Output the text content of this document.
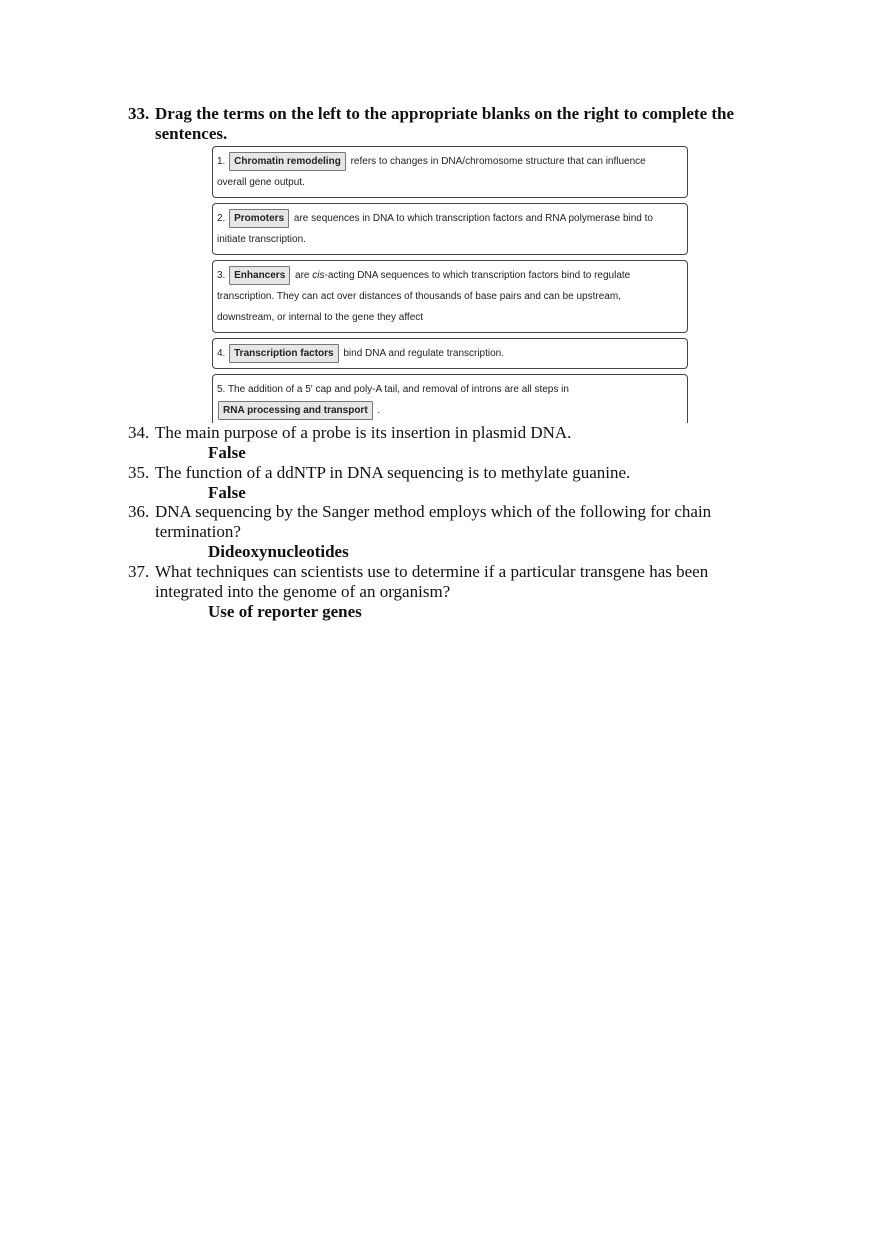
33. Drag the terms on the left to the appropriate blanks on the right to complete the sentences.
1. Chromatin remodeling refers to changes in DNA/chromosome structure that can influence
overall gene output.
2. Promoters are sequences in DNA to which transcription factors and RNA polymerase bind to
initiate transcription.
3. Enhancers are cis-acting DNA sequences to which transcription factors bind to regulate
transcription. They can act over distances of thousands of base pairs and can be upstream,
downstream, or internal to the gene they affect
4. Transcription factors bind DNA and regulate transcription.
5. The addition of a 5' cap and poly-A tail, and removal of introns are all steps in
RNA processing and transport .
34. The main purpose of a probe is its insertion in plasmid DNA.
False
35. The function of a ddNTP in DNA sequencing is to methylate guanine.
False
36. DNA sequencing by the Sanger method employs which of the following for chain termination?
Dideoxynucleotides
37. What techniques can scientists use to determine if a particular transgene has been integrated into the genome of an organism?
Use of reporter genes
